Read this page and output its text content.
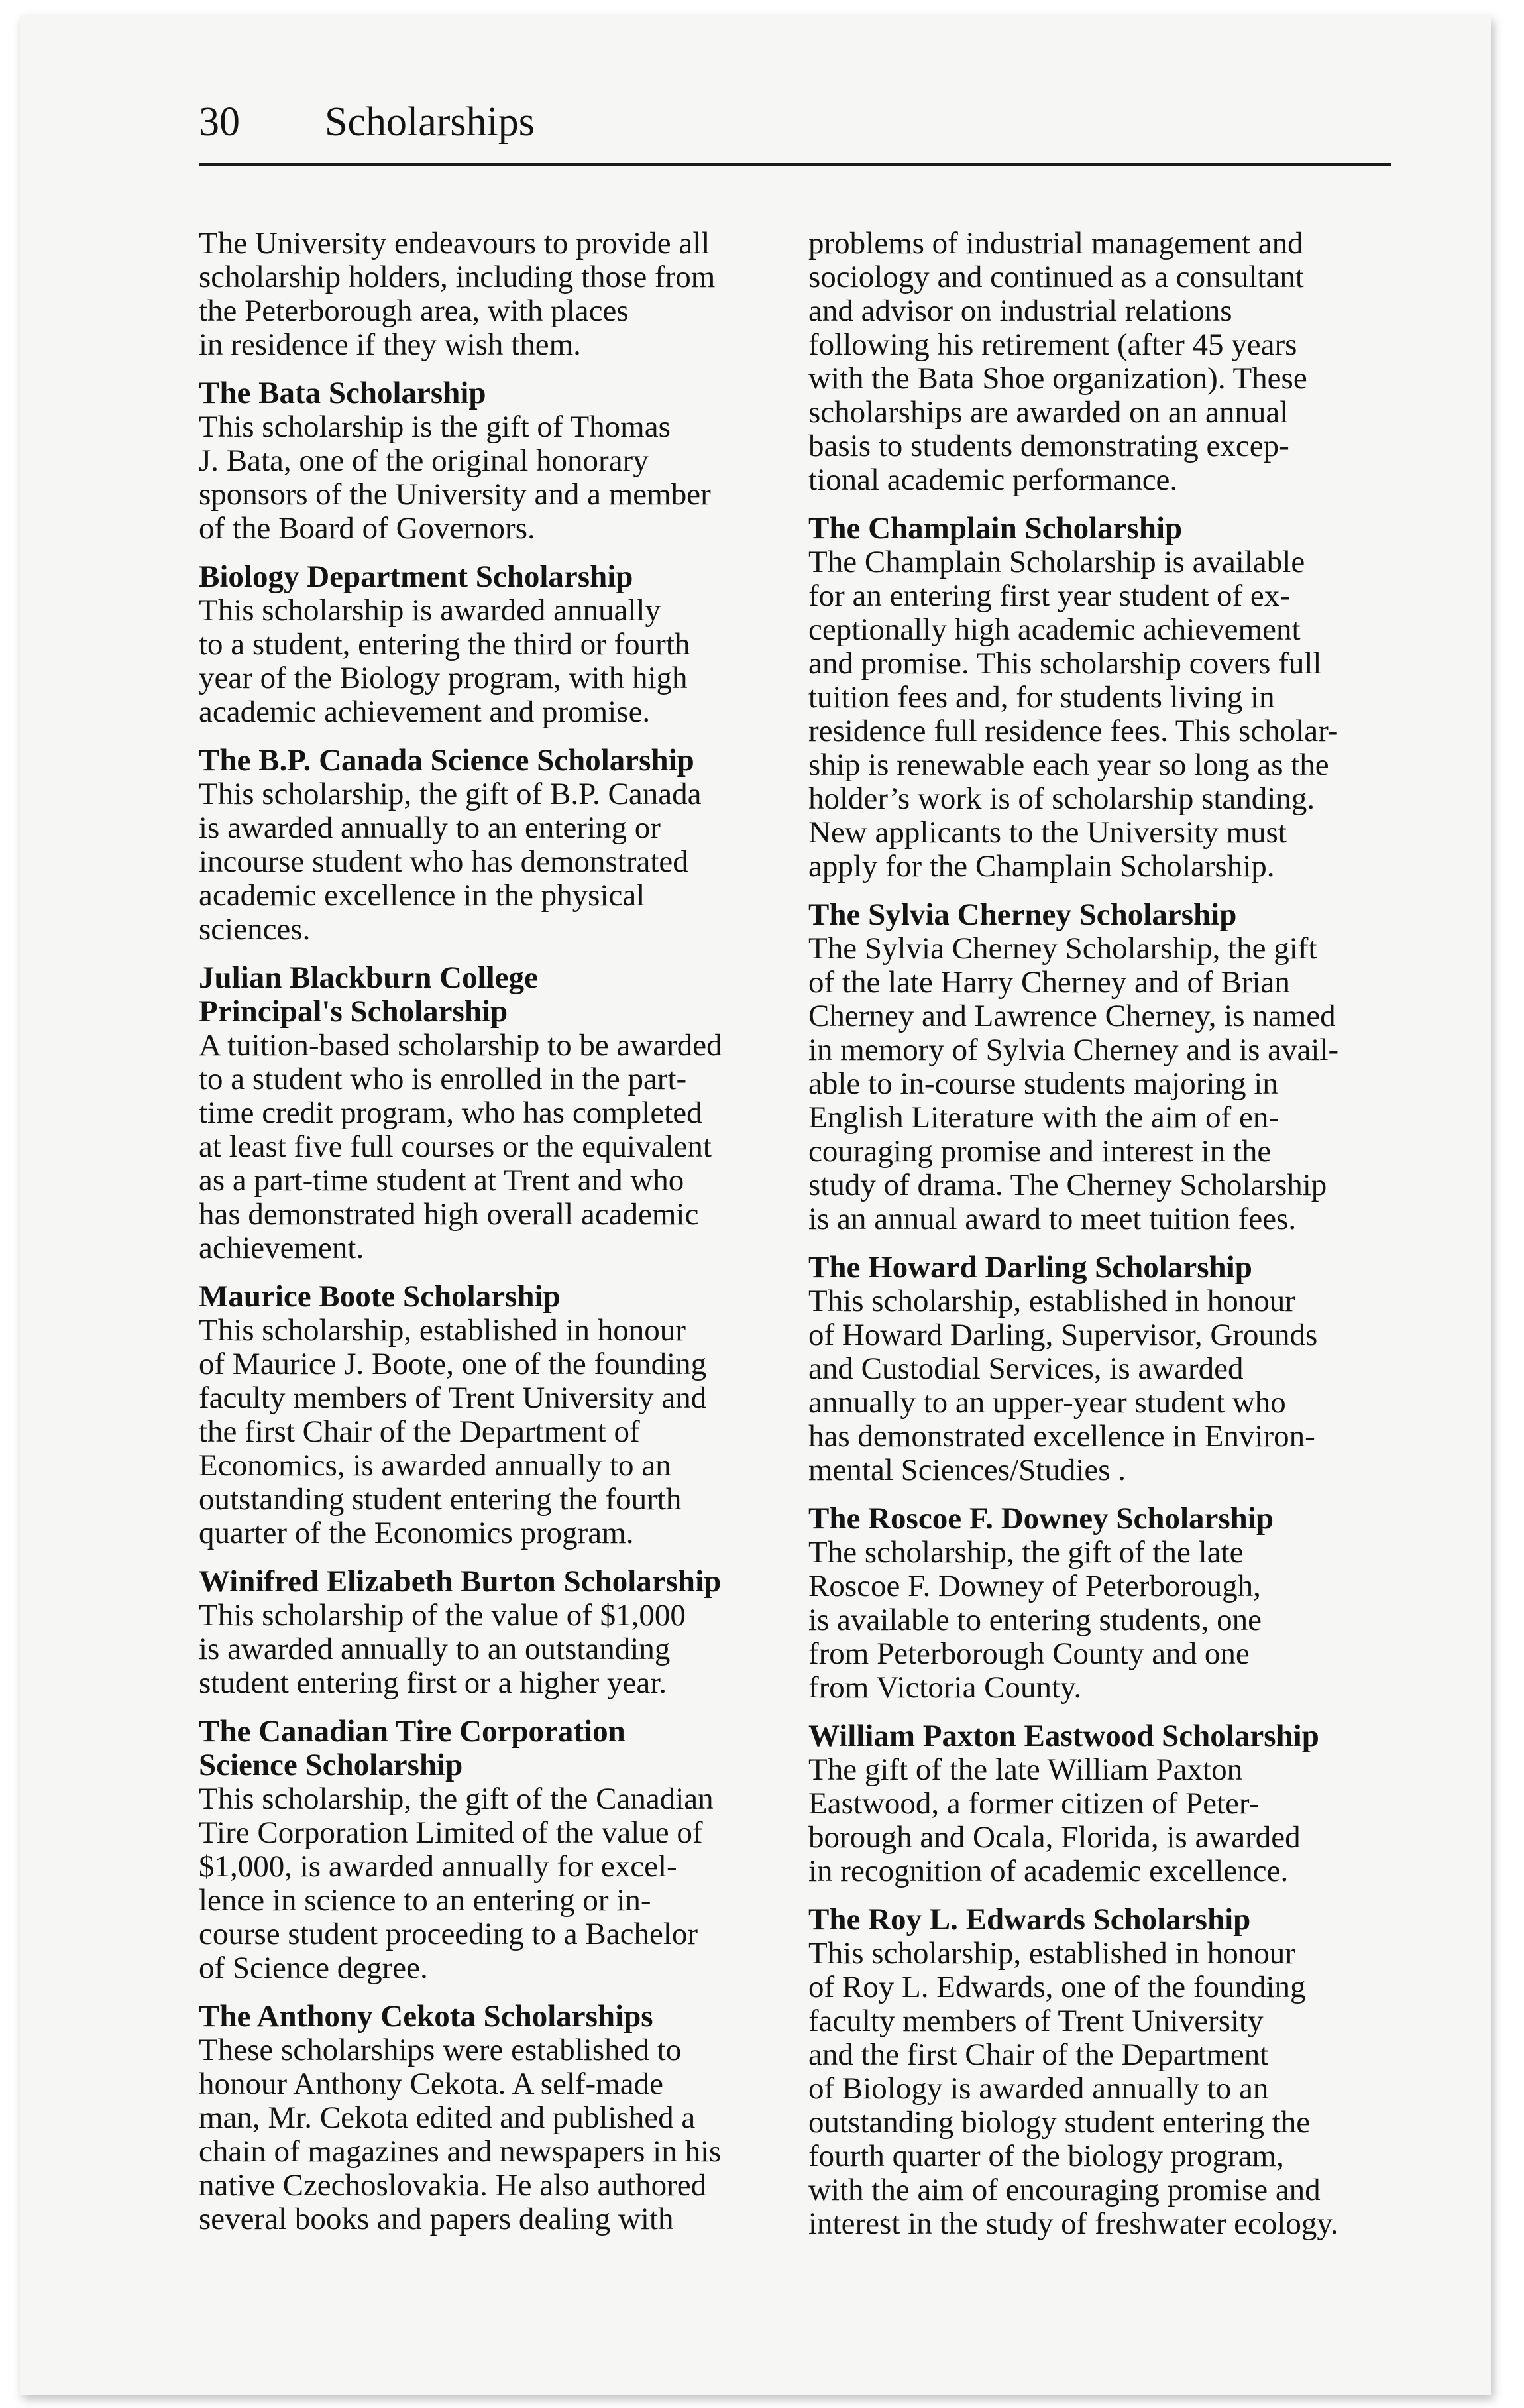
30 Scholarships
The University endeavours to provide all
scholarship holders, including those from
the Peterborough area, with places
in residence if they wish them.
The Bata Scholarship
This scholarship is the gift of Thomas
J. Bata, one of the original honorary
sponsors of the University and a member
of the Board of Governors.
Biology Department Scholarship
This scholarship is awarded annually
to a student, entering the third or fourth
year of the Biology program, with high
academic achievement and promise.
The B.P. Canada Science Scholarship
This scholarship, the gift of B.P. Canada
is awarded annually to an entering or
incourse student who has demonstrated
academic excellence in the physical
sciences.
Julian Blackburn College
Principal's Scholarship
A tuition-based scholarship to be awarded
to a student who is enrolled in the part-
time credit program, who has completed
at least five full courses or the equivalent
as a part-time student at Trent and who
has demonstrated high overall academic
achievement.
Maurice Boote Scholarship
This scholarship, established in honour
of Maurice J. Boote, one of the founding
faculty members of Trent University and
the first Chair of the Department of
Economics, is awarded annually to an
outstanding student entering the fourth
quarter of the Economics program.
Winifred Elizabeth Burton Scholarship
This scholarship of the value of $1,000
is awarded annually to an outstanding
student entering first or a higher year.
The Canadian Tire Corporation
Science Scholarship
This scholarship, the gift of the Canadian
Tire Corporation Limited of the value of
$1,000, is awarded annually for excel-
lence in science to an entering or in-
course student proceeding to a Bachelor
of Science degree.
The Anthony Cekota Scholarships
These scholarships were established to
honour Anthony Cekota. A self-made
man, Mr. Cekota edited and published a
chain of magazines and newspapers in his
native Czechoslovakia. He also authored
several books and papers dealing with
problems of industrial management and
sociology and continued as a consultant
and advisor on industrial relations
following his retirement (after 45 years
with the Bata Shoe organization). These
scholarships are awarded on an annual
basis to students demonstrating excep-
tional academic performance.
The Champlain Scholarship
The Champlain Scholarship is available
for an entering first year student of ex-
ceptionally high academic achievement
and promise. This scholarship covers full
tuition fees and, for students living in
residence full residence fees. This scholar-
ship is renewable each year so long as the
holder’s work is of scholarship standing.
New applicants to the University must
apply for the Champlain Scholarship.
The Sylvia Cherney Scholarship
The Sylvia Cherney Scholarship, the gift
of the late Harry Cherney and of Brian
Cherney and Lawrence Cherney, is named
in memory of Sylvia Cherney and is avail-
able to in-course students majoring in
English Literature with the aim of en-
couraging promise and interest in the
study of drama. The Cherney Scholarship
is an annual award to meet tuition fees.
The Howard Darling Scholarship
This scholarship, established in honour
of Howard Darling, Supervisor, Grounds
and Custodial Services, is awarded
annually to an upper-year student who
has demonstrated excellence in Environ-
mental Sciences/Studies .
The Roscoe F. Downey Scholarship
The scholarship, the gift of the late
Roscoe F. Downey of Peterborough,
is available to entering students, one
from Peterborough County and one
from Victoria County.
William Paxton Eastwood Scholarship
The gift of the late William Paxton
Eastwood, a former citizen of Peter-
borough and Ocala, Florida, is awarded
in recognition of academic excellence.
The Roy L. Edwards Scholarship
This scholarship, established in honour
of Roy L. Edwards, one of the founding
faculty members of Trent University
and the first Chair of the Department
of Biology is awarded annually to an
outstanding biology student entering the
fourth quarter of the biology program,
with the aim of encouraging promise and
interest in the study of freshwater ecology.
